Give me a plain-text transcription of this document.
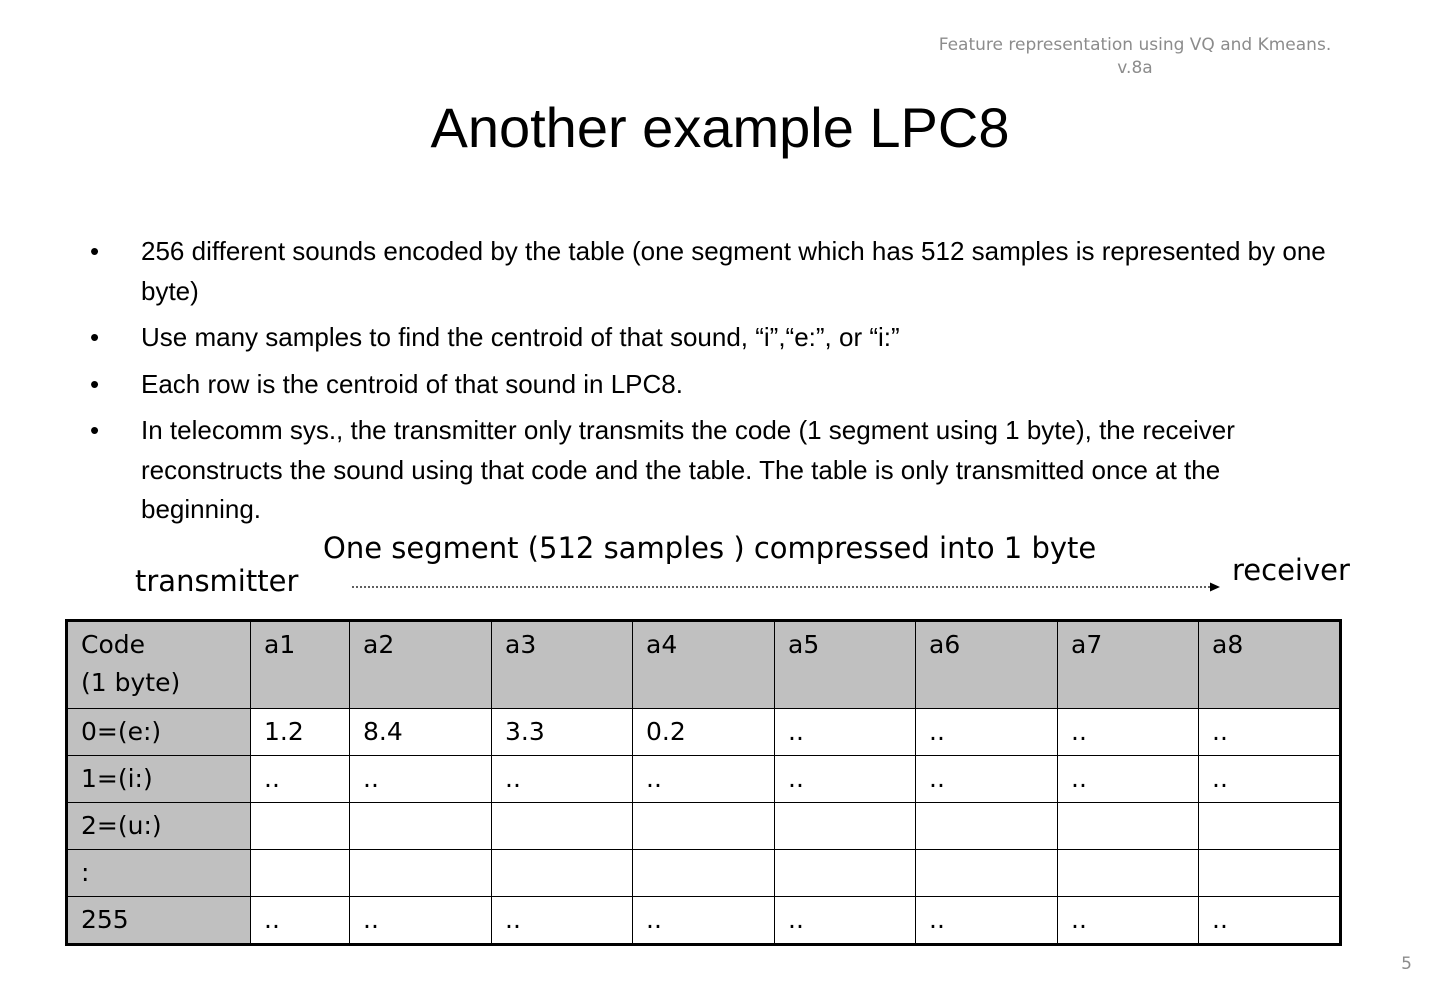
Feature representation using VQ and Kmeans.
v.8a
Another example LPC8
• 256 different sounds encoded by the table (one segment which has 512 samples is represented by one byte)
• Use many samples to find the centroid of that sound, “i”,“e:”, or “i:”
• Each row is the centroid of that sound in LPC8.
• In telecomm sys., the transmitter only transmits the code (1 segment using 1 byte), the receiver reconstructs the sound using that code and the table. The table is only transmitted once at the beginning.
One segment (512 samples ) compressed into 1 byte
transmitter	receiver
Code
(1 byte)	a1	a2	a3	a4	a5	a6	a7	a8
0=(e:)	1.2	8.4	3.3	0.2	..	..	..	..
1=(i:)	..	..	..	..	..	..	..	..
2=(u:)								
:								
255	..	..	..	..	..	..	..	..
5
